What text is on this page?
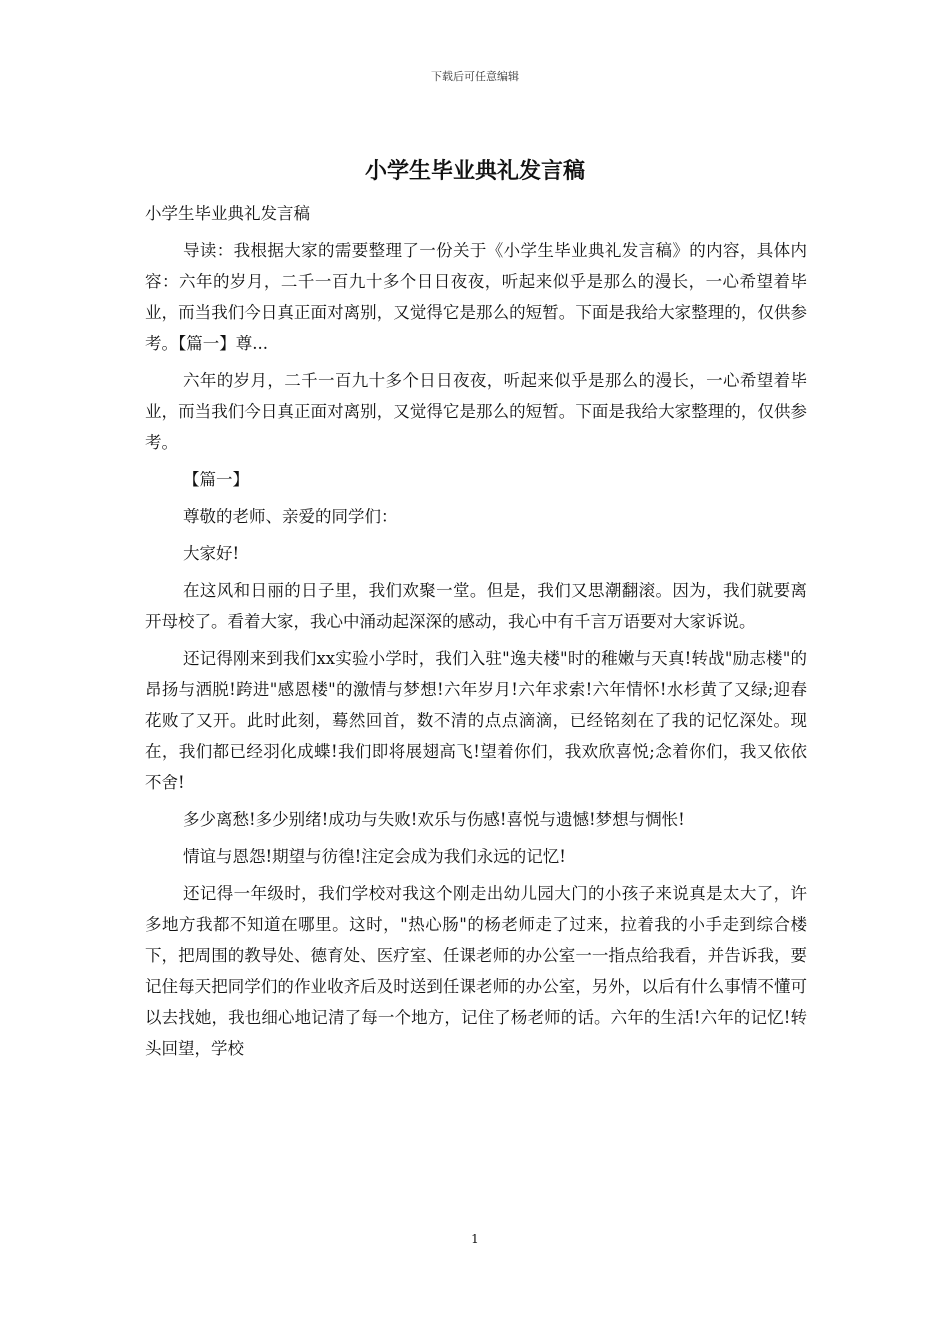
下载后可任意编辑
小学生毕业典礼发言稿

小学生毕业典礼发言稿

导读：我根据大家的需要整理了一份关于《小学生毕业典礼发言稿》的内容，具体内容：六年的岁月，二千一百九十多个日日夜夜，听起来似乎是那么的漫长，一心希望着毕业，而当我们今日真正面对离别，又觉得它是那么的短暂。下面是我给大家整理的，仅供参考。【篇一】尊...

六年的岁月，二千一百九十多个日日夜夜，听起来似乎是那么的漫长，一心希望着毕业，而当我们今日真正面对离别，又觉得它是那么的短暂。下面是我给大家整理的，仅供参考。

【篇一】

尊敬的老师、亲爱的同学们：

大家好!

在这风和日丽的日子里，我们欢聚一堂。但是，我们又思潮翻滚。因为，我们就要离开母校了。看着大家，我心中涌动起深深的感动，我心中有千言万语要对大家诉说。

还记得刚来到我们xx实验小学时，我们入驻"逸夫楼"时的稚嫩与天真!转战"励志楼"的昂扬与洒脱!跨进"感恩楼"的激情与梦想!六年岁月!六年求索!六年情怀!水杉黄了又绿;迎春花败了又开。此时此刻，蓦然回首，数不清的点点滴滴，已经铭刻在了我的记忆深处。现在，我们都已经羽化成蝶!我们即将展翅高飞!望着你们，我欢欣喜悦;念着你们，我又依依不舍!

多少离愁!多少别绪!成功与失败!欢乐与伤感!喜悦与遗憾!梦想与惆怅!

情谊与恩怨!期望与彷徨!注定会成为我们永远的记忆!

还记得一年级时，我们学校对我这个刚走出幼儿园大门的小孩子来说真是太大了，许多地方我都不知道在哪里。这时，"热心肠"的杨老师走了过来，拉着我的小手走到综合楼下，把周围的教导处、德育处、医疗室、任课老师的办公室一一指点给我看，并告诉我，要记住每天把同学们的作业收齐后及时送到任课老师的办公室，另外，以后有什么事情不懂可以去找她，我也细心地记清了每一个地方，记住了杨老师的话。六年的生活!六年的记忆!转头回望，学校

1
